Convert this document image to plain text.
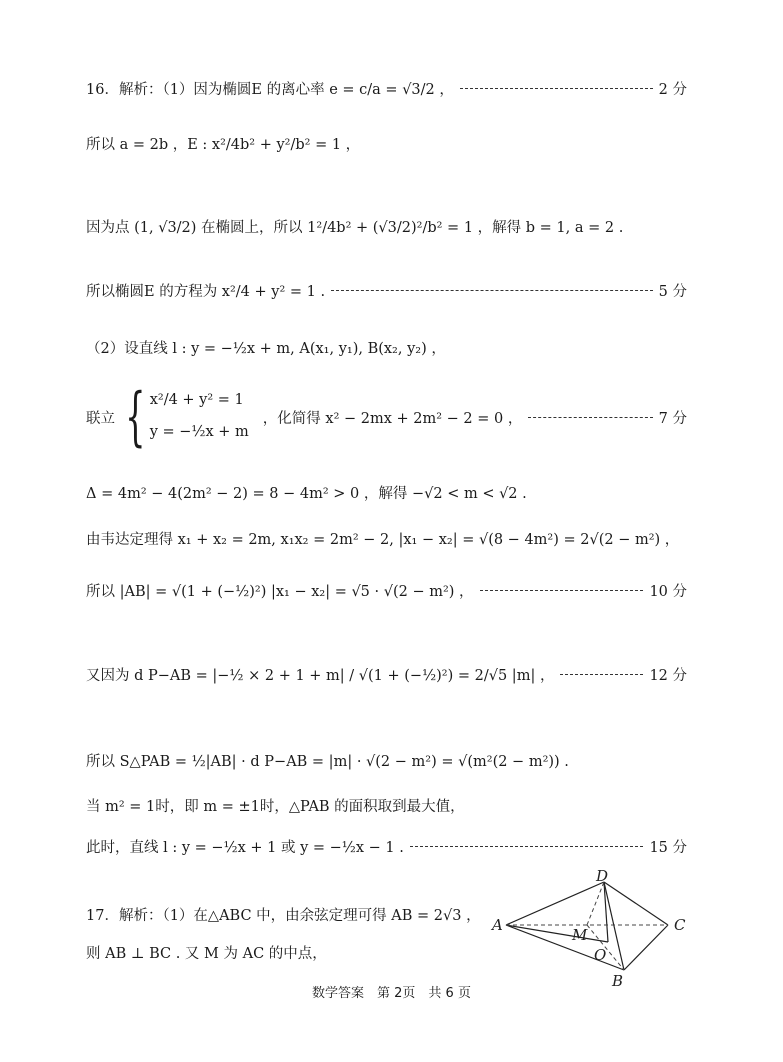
16．解析：（1）因为椭圆E 的离心率 e = c/a = √3/2 ，	2 分
所以 a = 2b ，E : x²/4b² + y²/b² = 1 ，
因为点 (1, √3/2) 在椭圆上，所以 1²/4b² + (√3/2)²/b² = 1 ，解得 b = 1, a = 2 .
所以椭圆E 的方程为 x²/4 + y² = 1 .	5 分
（2）设直线 l : y = −½x + m, A(x₁, y₁), B(x₂, y₂) ，
联立 { x²/4 + y² = 1
y = −½x + m
，化简得 x² − 2mx + 2m² − 2 = 0 ，	7 分
Δ = 4m² − 4(2m² − 2) = 8 − 4m² > 0 ，解得 −√2 < m < √2 .
由韦达定理得 x₁ + x₂ = 2m, x₁x₂ = 2m² − 2, |x₁ − x₂| = √(8 − 4m²) = 2√(2 − m²) ，
所以 |AB| = √(1 + (−½)²) |x₁ − x₂| = √5 · √(2 − m²) ，	10 分
又因为 d P−AB = |−½ × 2 + 1 + m| / √(1 + (−½)²) = 2/√5 |m| ，	12 分
所以 S△PAB = ½|AB| · d P−AB = |m| · √(2 − m²) = √(m²(2 − m²)) .
当 m² = 1时，即 m = ±1时，△PAB 的面积取到最大值，
此时，直线 l : y = −½x + 1 或 y = −½x − 1 .	15 分
17．解析：（1）在△ABC 中，由余弦定理可得 AB = 2√3 ，
则 AB ⊥ BC . 又 M 为 AC 的中点，
A
D
C
M
O
B
数学答案　第 2页　共 6 页
